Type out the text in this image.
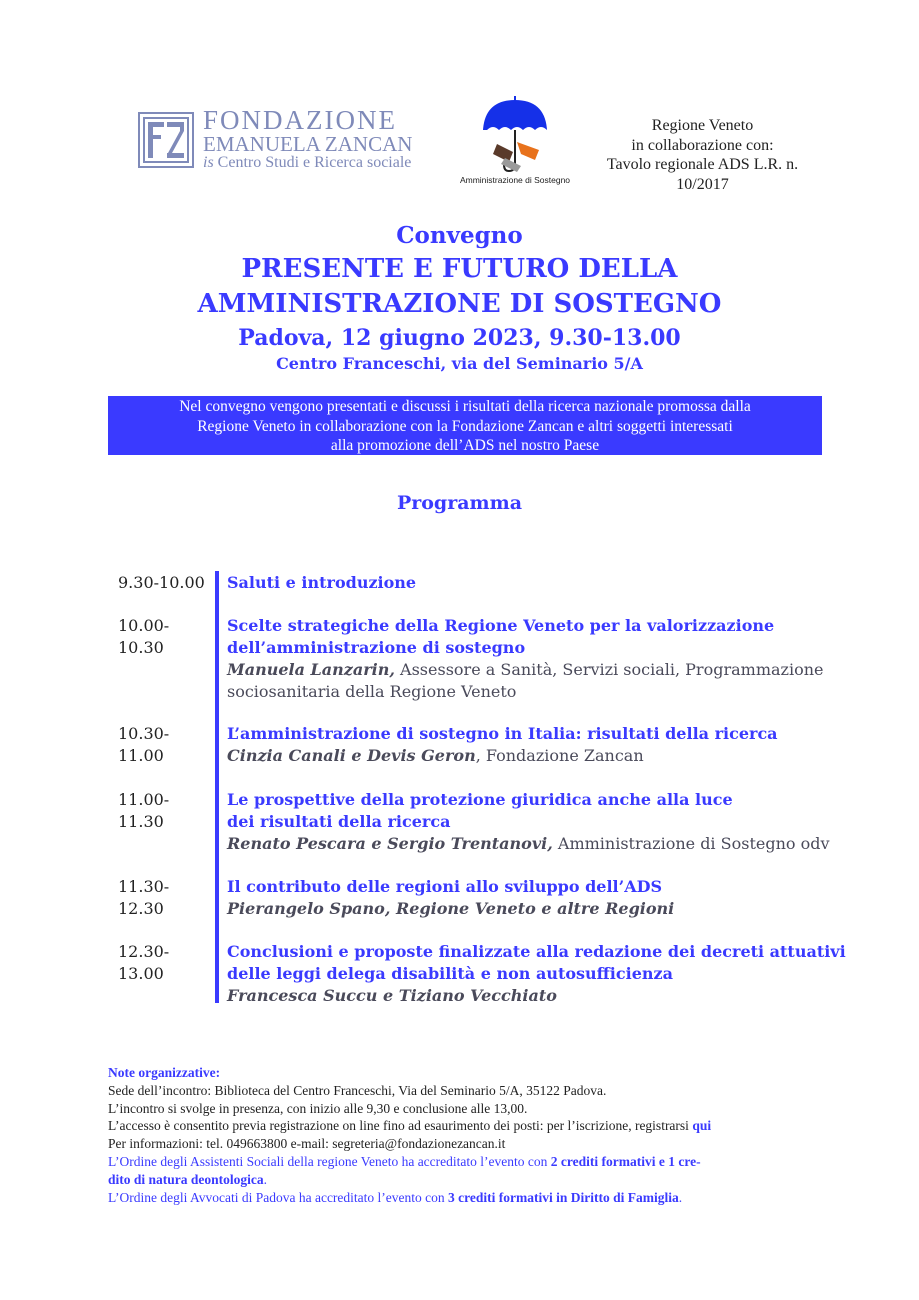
FONDAZIONE
EMANUELA ZANCAN
is Centro Studi e Ricerca sociale
Amministrazione di Sostegno
Regione Veneto
in collaborazione con:
Tavolo regionale ADS L.R. n.
10/2017
Convegno
PRESENTE E FUTURO DELLA
AMMINISTRAZIONE DI SOSTEGNO
Padova, 12 giugno 2023, 9.30-13.00
Centro Franceschi, via del Seminario 5/A
Nel convegno vengono presentati e discussi i risultati della ricerca nazionale promossa dalla
Regione Veneto in collaborazione con la Fondazione Zancan e altri soggetti interessati
alla promozione dell’ADS nel nostro Paese
Programma
9.30-10.00 Saluti e introduzione
10.00-
10.30
Scelte strategiche della Regione Veneto per la valorizzazione
dell’amministrazione di sostegno
Manuela Lanzarin, Assessore a Sanità, Servizi sociali, Programmazione sociosanitaria della Regione Veneto
10.30-
11.00
L’amministrazione di sostegno in Italia: risultati della ricerca
Cinzia Canali e Devis Geron, Fondazione Zancan
11.00-
11.30
Le prospettive della protezione giuridica anche alla luce
dei risultati della ricerca
Renato Pescara e Sergio Trentanovi, Amministrazione di Sostegno odv
11.30-
12.30
Il contributo delle regioni allo sviluppo dell’ADS
Pierangelo Spano, Regione Veneto e altre Regioni
12.30-
13.00
Conclusioni e proposte finalizzate alla redazione dei decreti attuativi
delle leggi delega disabilità e non autosufficienza
Francesca Succu e Tiziano Vecchiato
Note organizzative:
Sede dell’incontro: Biblioteca del Centro Franceschi, Via del Seminario 5/A, 35122 Padova.
L’incontro si svolge in presenza, con inizio alle 9,30 e conclusione alle 13,00.
L’accesso è consentito previa registrazione on line fino ad esaurimento dei posti: per l’iscrizione, registrarsi qui
Per informazioni: tel. 049663800 e-mail: segreteria@fondazionezancan.it
L’Ordine degli Assistenti Sociali della regione Veneto ha accreditato l’evento con 2 crediti formativi e 1 cre-
dito di natura deontologica.
L’Ordine degli Avvocati di Padova ha accreditato l’evento con 3 crediti formativi in Diritto di Famiglia.
